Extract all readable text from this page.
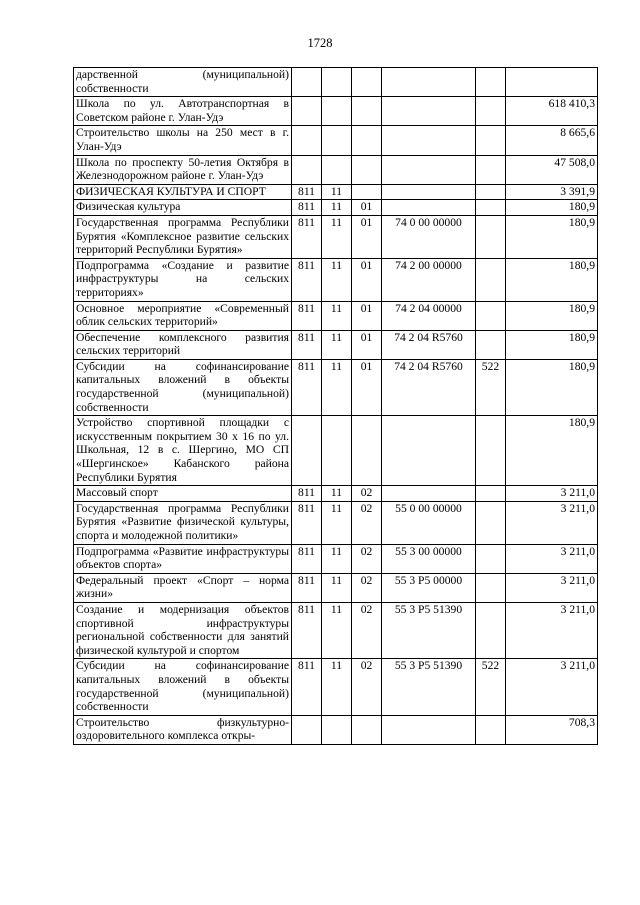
1728
дарственной (муниципальной) собственности						
Школа по ул. Автотранспортная в Советском районе г. Улан-Удэ						618 410,3
Строительство школы на 250 мест в г. Улан-Удэ						8 665,6
Школа по проспекту 50-летия Октября в Железнодорожном районе г. Улан-Удэ						47 508,0
ФИЗИЧЕСКАЯ КУЛЬТУРА И СПОРТ	811	11				3 391,9
Физическая культура	811	11	01			180,9
Государственная программа Республики Бурятия «Комплексное развитие сельских территорий Республики Бурятия»	811	11	01	74 0 00 00000		180,9
Подпрограмма «Создание и развитие инфраструктуры на сельских территориях»	811	11	01	74 2 00 00000		180,9
Основное мероприятие «Современный облик сельских территорий»	811	11	01	74 2 04 00000		180,9
Обеспечение комплексного развития сельских территорий	811	11	01	74 2 04 R5760		180,9
Субсидии на софинансирование капитальных вложений в объекты государственной (муниципальной) собственности	811	11	01	74 2 04 R5760	522	180,9
Устройство спортивной площадки с искусственным покрытием 30 х 16 по ул. Школьная, 12 в с. Шергино, МО СП «Шергинское» Кабанского района Республики Бурятия						180,9
Массовый спорт	811	11	02			3 211,0
Государственная программа Республики Бурятия «Развитие физической культуры, спорта и молодежной политики»	811	11	02	55 0 00 00000		3 211,0
Подпрограмма «Развитие инфраструктуры объектов спорта»	811	11	02	55 3 00 00000		3 211,0
Федеральный проект «Спорт – норма жизни»	811	11	02	55 3 P5 00000		3 211,0
Создание и модернизация объектов спортивной инфраструктуры региональной собственности для занятий физической культурой и спортом	811	11	02	55 3 P5 51390		3 211,0
Субсидии на софинансирование капитальных вложений в объекты государственной (муниципальной) собственности	811	11	02	55 3 P5 51390	522	3 211,0
Строительство физкультурно-оздоровительного комплекса откры-						708,3
